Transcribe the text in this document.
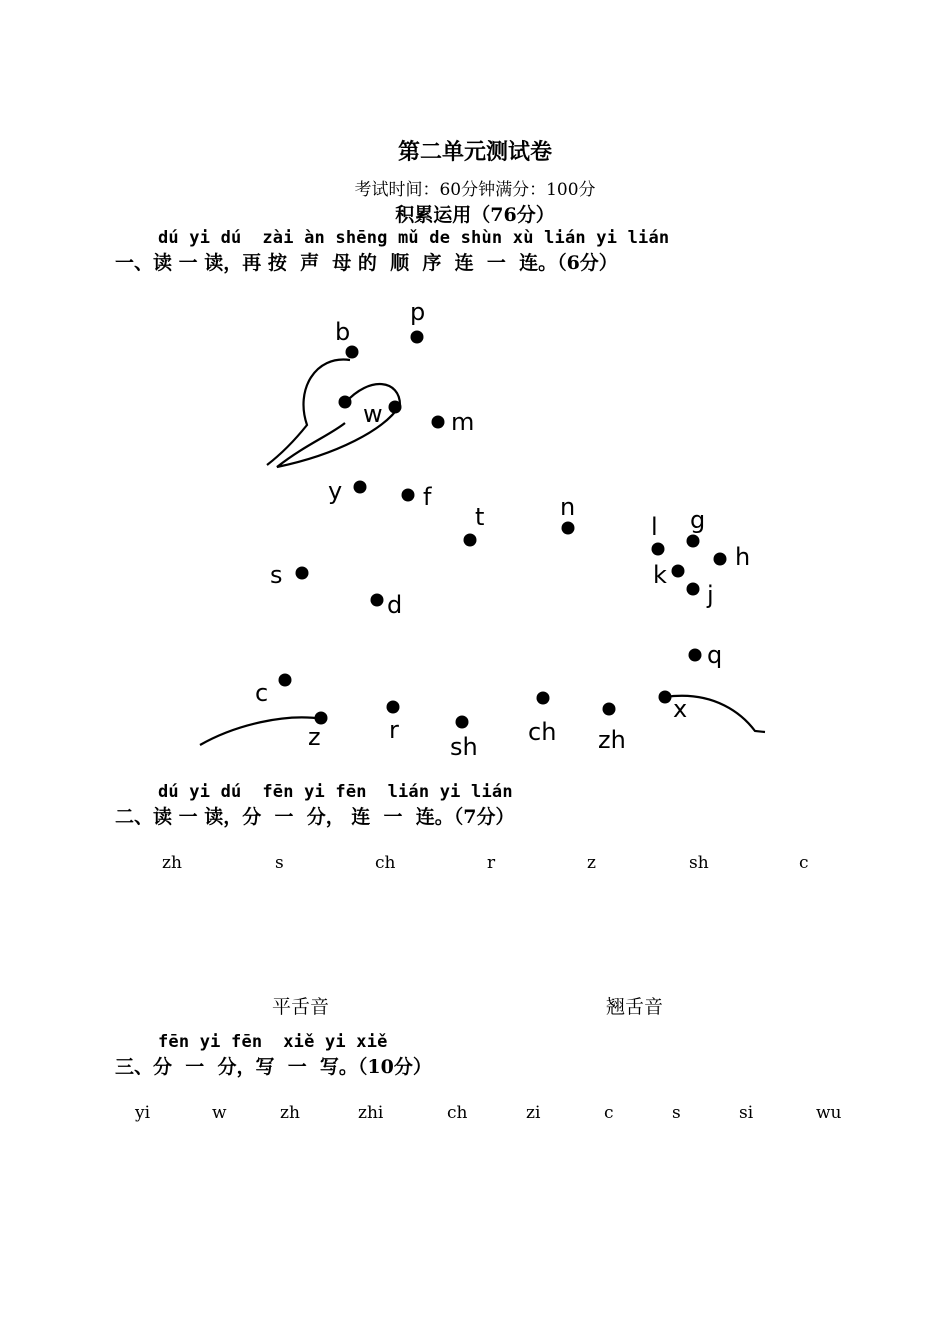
第二单元测试卷
考试时间：60分钟满分：100分
积累运用（76分）
dú yi dú  zài àn shēng mǔ de shùn xù lián yi lián
一、读 一 读，再 按  声  母 的  顺  序  连  一  连。（6分）
b
p
w	m
y	f
t	n
l g
h
k
j
s
d
q
c
z	r
sh
ch zh
x
dú yi dú  fēn yi fēn  lián yi lián
二、读 一 读，分  一  分， 连  一  连。（7分）
zh	s	ch	r	z	sh	c
平舌音	翘舌音
fēn yi fēn  xiě yi xiě
三、分  一  分，写  一  写。（10分）
yi	w	zh	zhi	ch	zi	c	s	si	wu
